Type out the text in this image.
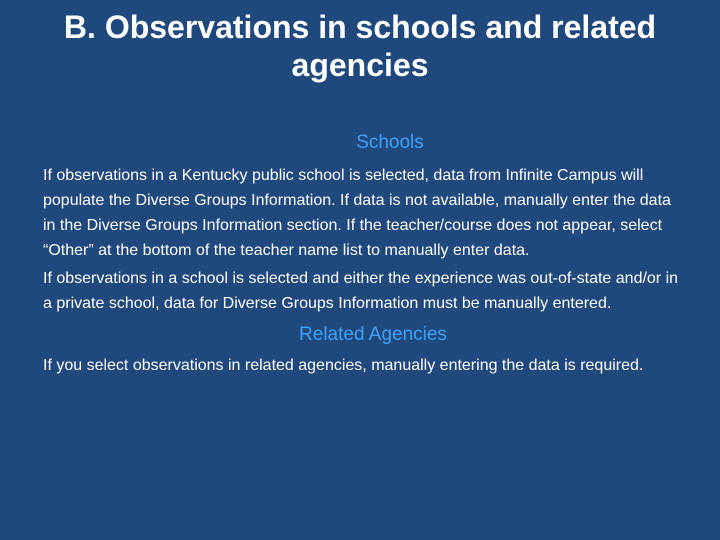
B. Observations in schools and related agencies
Schools

If observations in a Kentucky public school is selected, data from Infinite Campus will populate the Diverse Groups Information. If data is not available, manually enter the data in the Diverse Groups Information section. If the teacher/course does not appear, select “Other” at the bottom of the teacher name list to manually enter data.

If observations in a school is selected and either the experience was out-of-state and/or in a private school, data for Diverse Groups Information must be manually entered.

Related Agencies

If you select observations in related agencies, manually entering the data is required.
